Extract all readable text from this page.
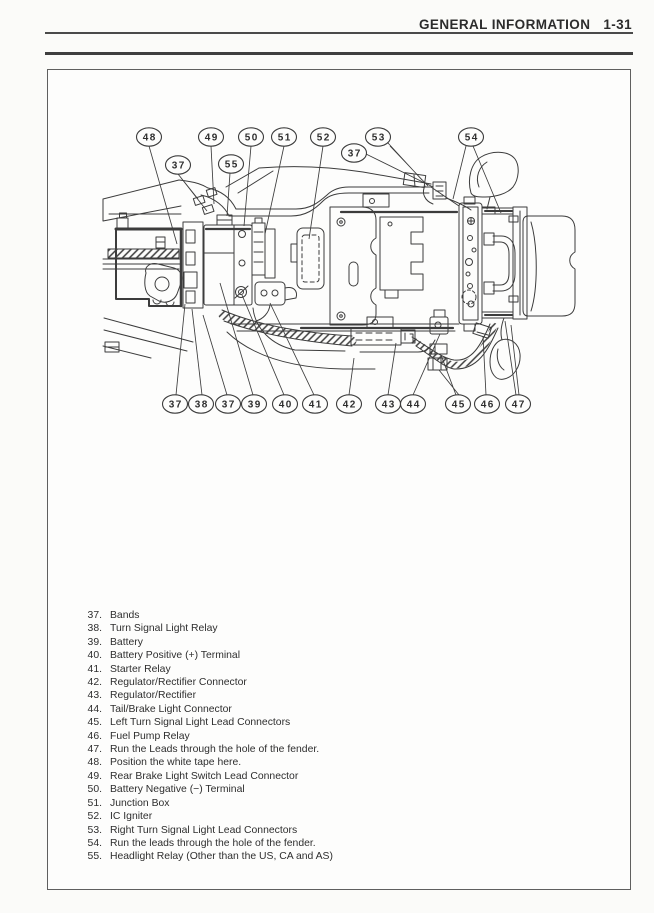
GENERAL INFORMATION 1-31
48
37
49
55
50 51 52
37
53	54
37 38 37 39 40 41 42 43 44	45 46 47
37. Bands
38. Turn Signal Light Relay
39. Battery
40. Battery Positive (+) Terminal
41. Starter Relay
42. Regulator/Rectifier Connector
43. Regulator/Rectifier
44. Tail/Brake Light Connector
45. Left Turn Signal Light Lead Connectors
46. Fuel Pump Relay
47. Run the Leads through the hole of the fender.
48. Position the white tape here.
49. Rear Brake Light Switch Lead Connector
50. Battery Negative (−) Terminal
51. Junction Box
52. IC Igniter
53. Right Turn Signal Light Lead Connectors
54. Run the leads through the hole of the fender.
55. Headlight Relay (Other than the US, CA and AS)
